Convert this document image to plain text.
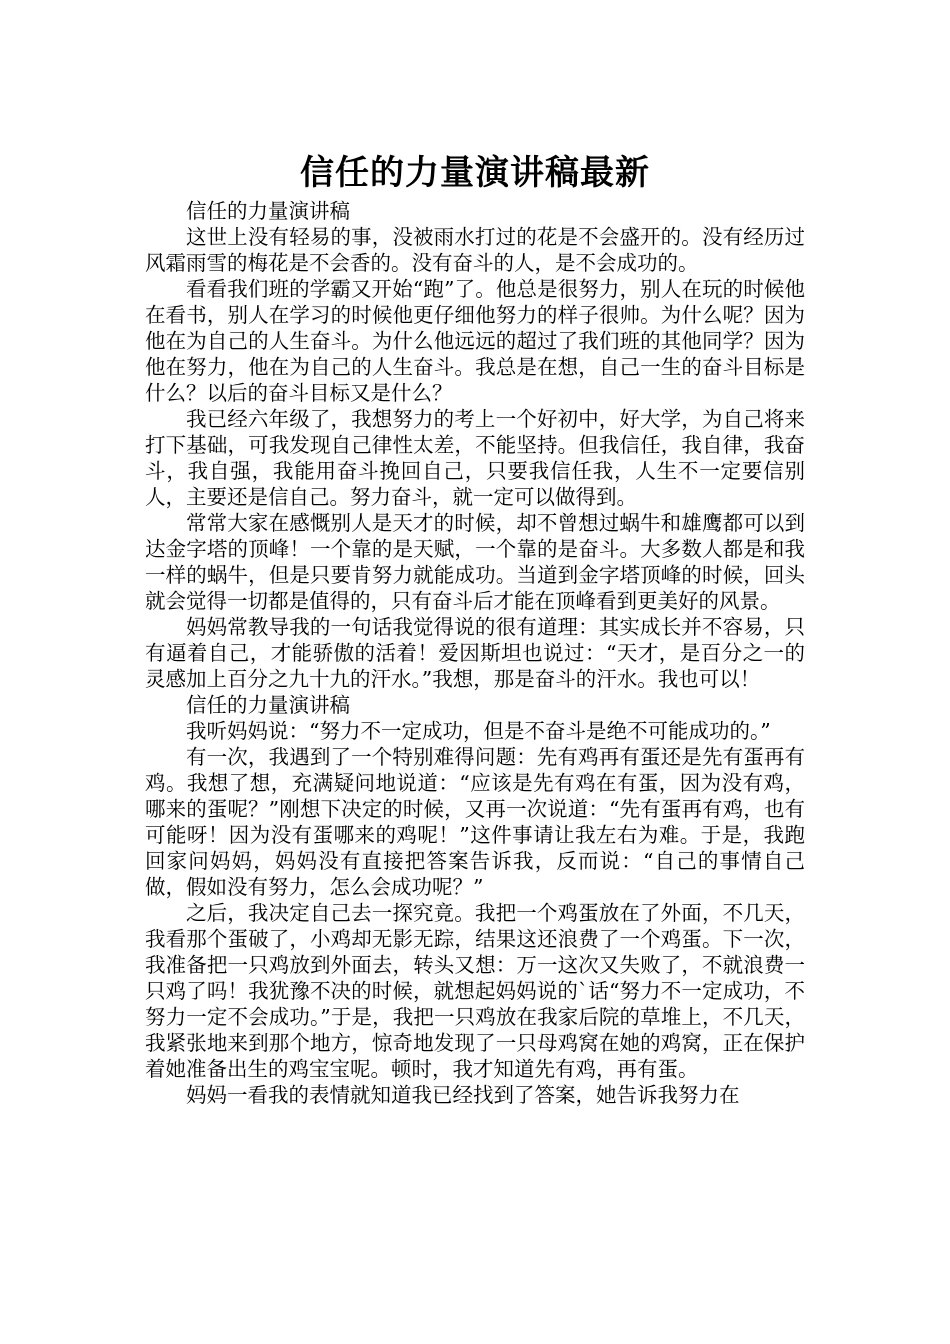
信任的力量演讲稿最新

信任的力量演讲稿

这世上没有轻易的事，没被雨水打过的花是不会盛开的。没有经历过风霜雨雪的梅花是不会香的。没有奋斗的人，是不会成功的。

看看我们班的学霸又开始“跑”了。他总是很努力，别人在玩的时候他在看书，别人在学习的时候他更仔细他努力的样子很帅。为什么呢？因为他在为自己的人生奋斗。为什么他远远的超过了我们班的其他同学？因为他在努力，他在为自己的人生奋斗。我总是在想，自己一生的奋斗目标是什么？以后的奋斗目标又是什么？

我已经六年级了，我想努力的考上一个好初中，好大学，为自己将来打下基础，可我发现自己律性太差，不能坚持。但我信任，我自律，我奋斗，我自强，我能用奋斗挽回自己，只要我信任我，人生不一定要信别人，主要还是信自己。努力奋斗，就一定可以做得到。

常常大家在感慨别人是天才的时候，却不曾想过蜗牛和雄鹰都可以到达金字塔的顶峰！一个靠的是天赋，一个靠的是奋斗。大多数人都是和我一样的蜗牛，但是只要肯努力就能成功。当道到金字塔顶峰的时候，回头就会觉得一切都是值得的，只有奋斗后才能在顶峰看到更美好的风景。

妈妈常教导我的一句话我觉得说的很有道理：其实成长并不容易，只有逼着自己，才能骄傲的活着！爱因斯坦也说过：“天才，是百分之一的灵感加上百分之九十九的汗水。”我想，那是奋斗的汗水。我也可以！

信任的力量演讲稿

我听妈妈说：“努力不一定成功，但是不奋斗是绝不可能成功的。”

有一次，我遇到了一个特别难得问题：先有鸡再有蛋还是先有蛋再有鸡。我想了想，充满疑问地说道：“应该是先有鸡在有蛋，因为没有鸡，哪来的蛋呢？”刚想下决定的时候，又再一次说道：“先有蛋再有鸡，也有可能呀！因为没有蛋哪来的鸡呢！”这件事请让我左右为难。于是，我跑回家问妈妈，妈妈没有直接把答案告诉我，反而说：“自己的事情自己做，假如没有努力，怎么会成功呢？”

之后，我决定自己去一探究竟。我把一个鸡蛋放在了外面，不几天，我看那个蛋破了，小鸡却无影无踪，结果这还浪费了一个鸡蛋。下一次，我准备把一只鸡放到外面去，转头又想：万一这次又失败了，不就浪费一只鸡了吗！我犹豫不决的时候，就想起妈妈说的`话“努力不一定成功，不努力一定不会成功。”于是，我把一只鸡放在我家后院的草堆上，不几天，我紧张地来到那个地方，惊奇地发现了一只母鸡窝在她的鸡窝，正在保护着她准备出生的鸡宝宝呢。顿时，我才知道先有鸡，再有蛋。

妈妈一看我的表情就知道我已经找到了答案，她告诉我努力在
